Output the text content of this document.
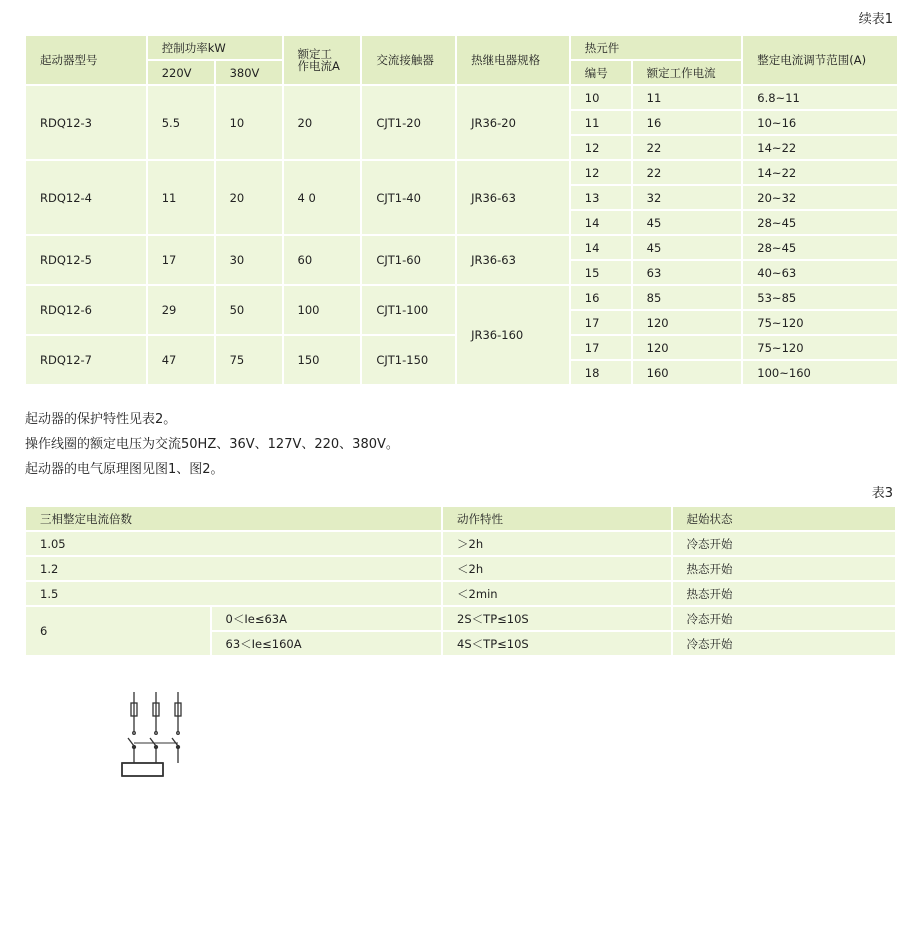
续表1
起动器型号	控制功率kW		额定工作电流A	交流接触器	热继电器规格	热元件		整定电流调节范围(A)
	220V	380V				编号	额定工作电流	
RDQ12-3	5.5	10	20	CJT1-20	JR36-20	10	11	6.8~11
						11	16	10~16
						12	22	14~22
RDQ12-4	11	20	4 0	CJT1-40	JR36-63	12	22	14~22
						13	32	20~32
						14	45	28~45
RDQ12-5	17	30	60	CJT1-60	JR36-63	14	45	28~45
						15	63	40~63
RDQ12-6	29	50	100	CJT1-100	JR36-160	16	85	53~85
						17	120	75~120
RDQ12-7	47	75	150	CJT1-150		17	120	75~120
						18	160	100~160
起动器的保护特性见表2。
操作线圈的额定电压为交流50HZ、36V、127V、220、380V。
起动器的电气原理图见图1、图2。
表3
三相整定电流倍数		动作特性	起始状态
1.05		＞2h	冷态开始
1.2		＜2h	热态开始
1.5		＜2min	热态开始
6	0＜Ie≤63A	2S＜TP≤10S	冷态开始
	63＜Ie≤160A	4S＜TP≤10S	冷态开始
